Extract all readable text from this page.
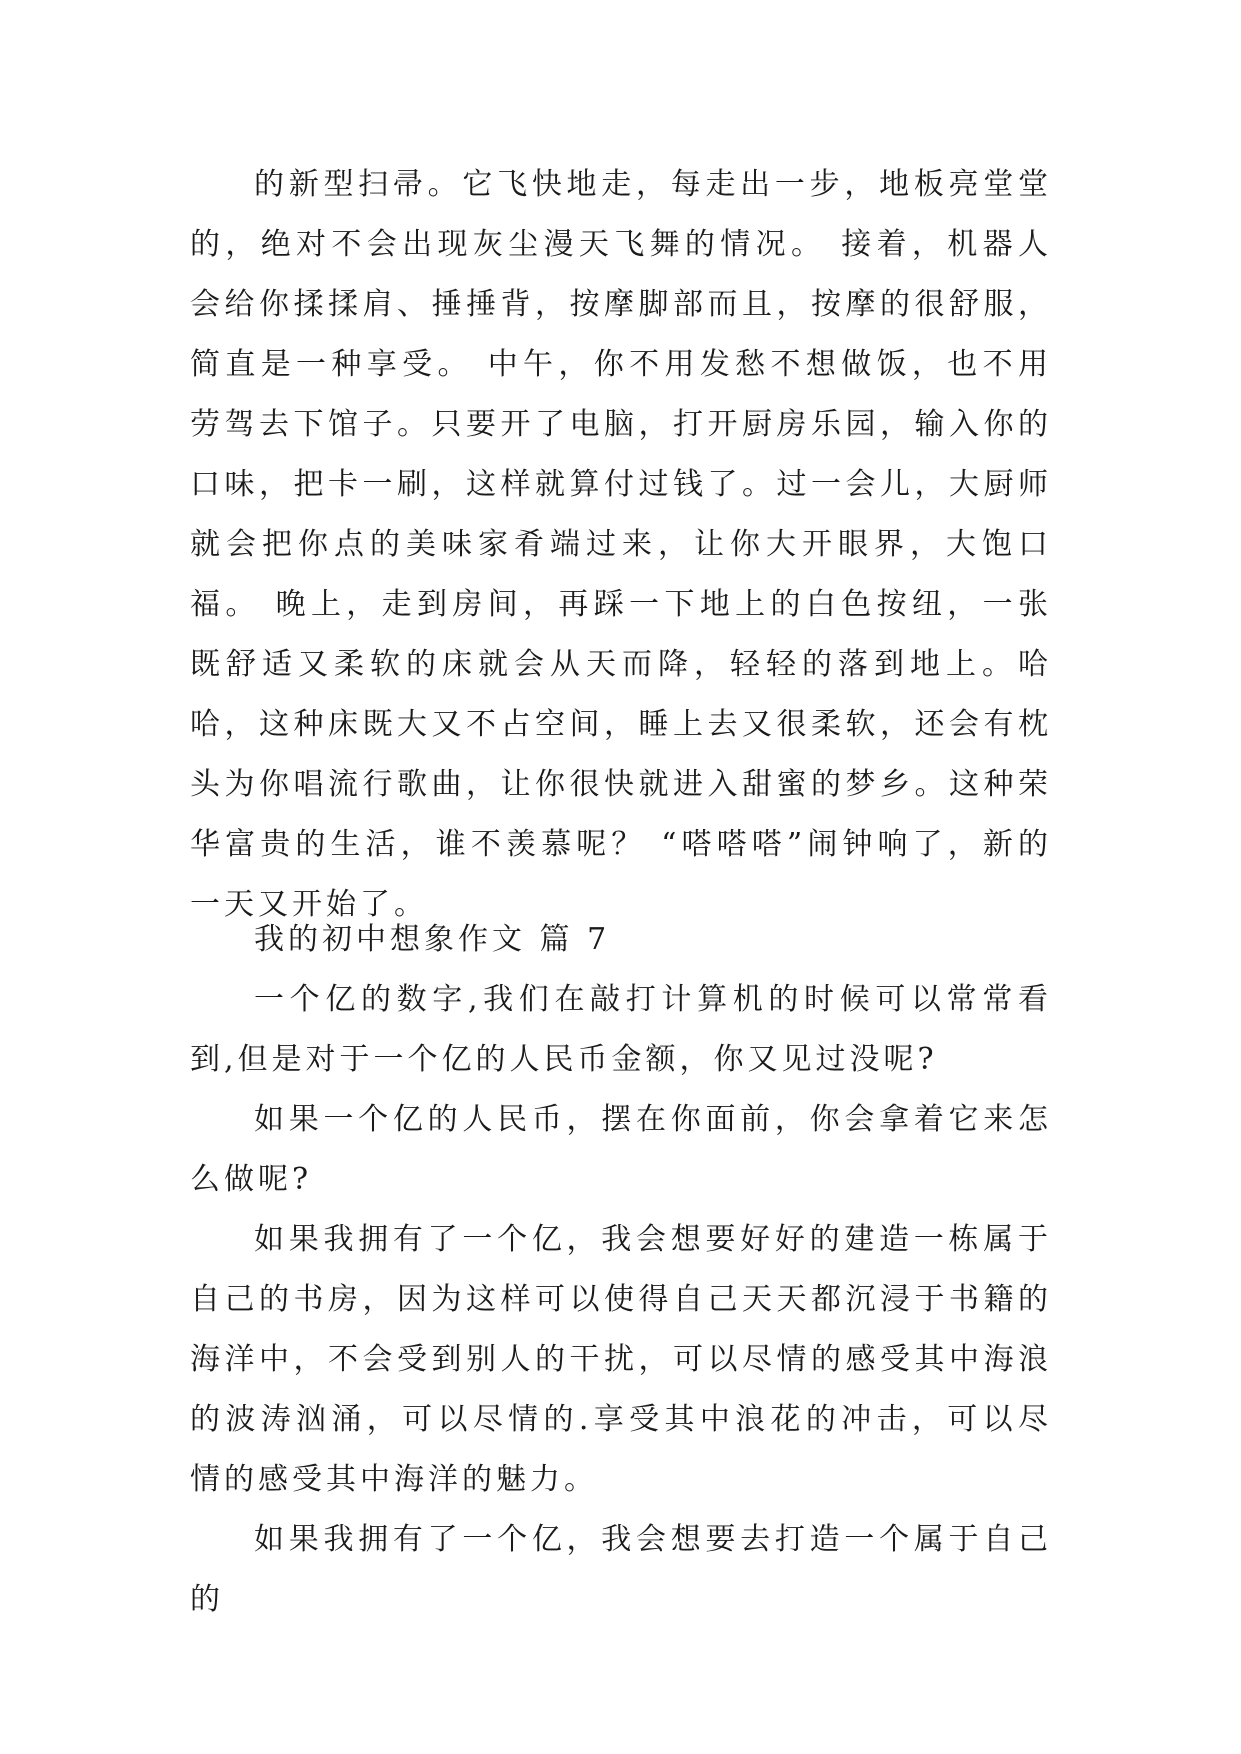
的新型扫帚。它飞快地走，每走出一步，地板亮堂堂的，绝对不会出现灰尘漫天飞舞的情况。 接着，机器人会给你揉揉肩、捶捶背，按摩脚部而且，按摩的很舒服，简直是一种享受。 中午，你不用发愁不想做饭，也不用劳驾去下馆子。只要开了电脑，打开厨房乐园，输入你的口味，把卡一刷，这样就算付过钱了。过一会儿，大厨师就会把你点的美味家肴端过来，让你大开眼界，大饱口福。 晚上，走到房间，再踩一下地上的白色按纽，一张既舒适又柔软的床就会从天而降，轻轻的落到地上。哈哈，这种床既大又不占空间，睡上去又很柔软，还会有枕头为你唱流行歌曲，让你很快就进入甜蜜的梦乡。这种荣华富贵的生活，谁不羡慕呢？ “嗒嗒嗒”闹钟响了，新的一天又开始了。

我的初中想象作文 篇 7

一个亿的数字,我们在敲打计算机的时候可以常常看到,但是对于一个亿的人民币金额，你又见过没呢?

如果一个亿的人民币，摆在你面前，你会拿着它来怎么做呢?

如果我拥有了一个亿，我会想要好好的建造一栋属于自己的书房，因为这样可以使得自己天天都沉浸于书籍的海洋中，不会受到别人的干扰，可以尽情的感受其中海浪的波涛汹涌，可以尽情的.享受其中浪花的冲击，可以尽情的感受其中海洋的魅力。

如果我拥有了一个亿，我会想要去打造一个属于自己的
